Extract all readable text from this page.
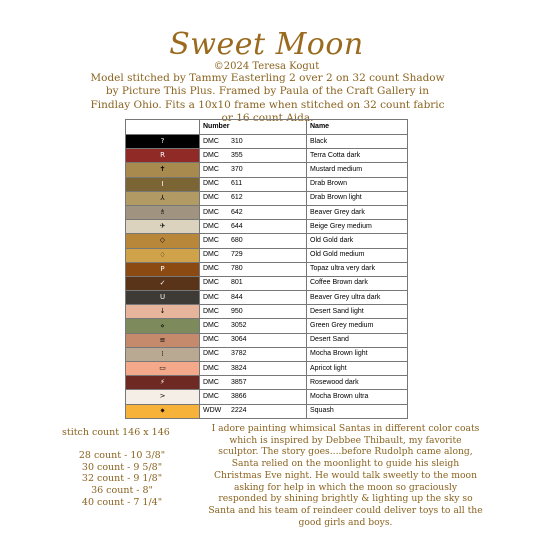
Sweet Moon
©2024 Teresa Kogut
Model stitched by Tammy Easterling 2 over 2 on 32 count Shadow by Picture This Plus. Framed by Paula of the Craft Gallery in Findlay Ohio. Fits a 10x10 frame when stitched on 32 count fabric or 16 count Aida.
	Number	Name
?	DMC 310	Black
R	DMC 355	Terra Cotta dark
✝	DMC 370	Mustard medium
I	DMC 611	Drab Brown
⅄	DMC 612	Drab Brown light
♗	DMC 642	Beaver Grey dark
✈	DMC 644	Beige Grey medium
◇	DMC 680	Old Gold dark
♢	DMC 729	Old Gold medium
P	DMC 780	Topaz ultra very dark
✓	DMC 801	Coffee Brown dark
U	DMC 844	Beaver Grey ultra dark
↓	DMC 950	Desert Sand light
⋄	DMC 3052	Green Grey medium
≡	DMC 3064	Desert Sand
⁞	DMC 3782	Mocha Brown light
▭	DMC 3824	Apricot light
⚡	DMC 3857	Rosewood dark
>	DMC 3866	Mocha Brown ultra
✷	WDW 2224	Squash
stitch count 146 x 146
28 count - 10 3/8"
30 count - 9 5/8"
32 count - 9 1/8"
36 count - 8"
40 count - 7 1/4"
I adore painting whimsical Santas in different color coats which is inspired by Debbee Thibault, my favorite sculptor. The story goes....before Rudolph came along, Santa relied on the moonlight to guide his sleigh Christmas Eve night. He would talk sweetly to the moon asking for help in which the moon so graciously responded by shining brightly & lighting up the sky so Santa and his team of reindeer could deliver toys to all the good girls and boys.
